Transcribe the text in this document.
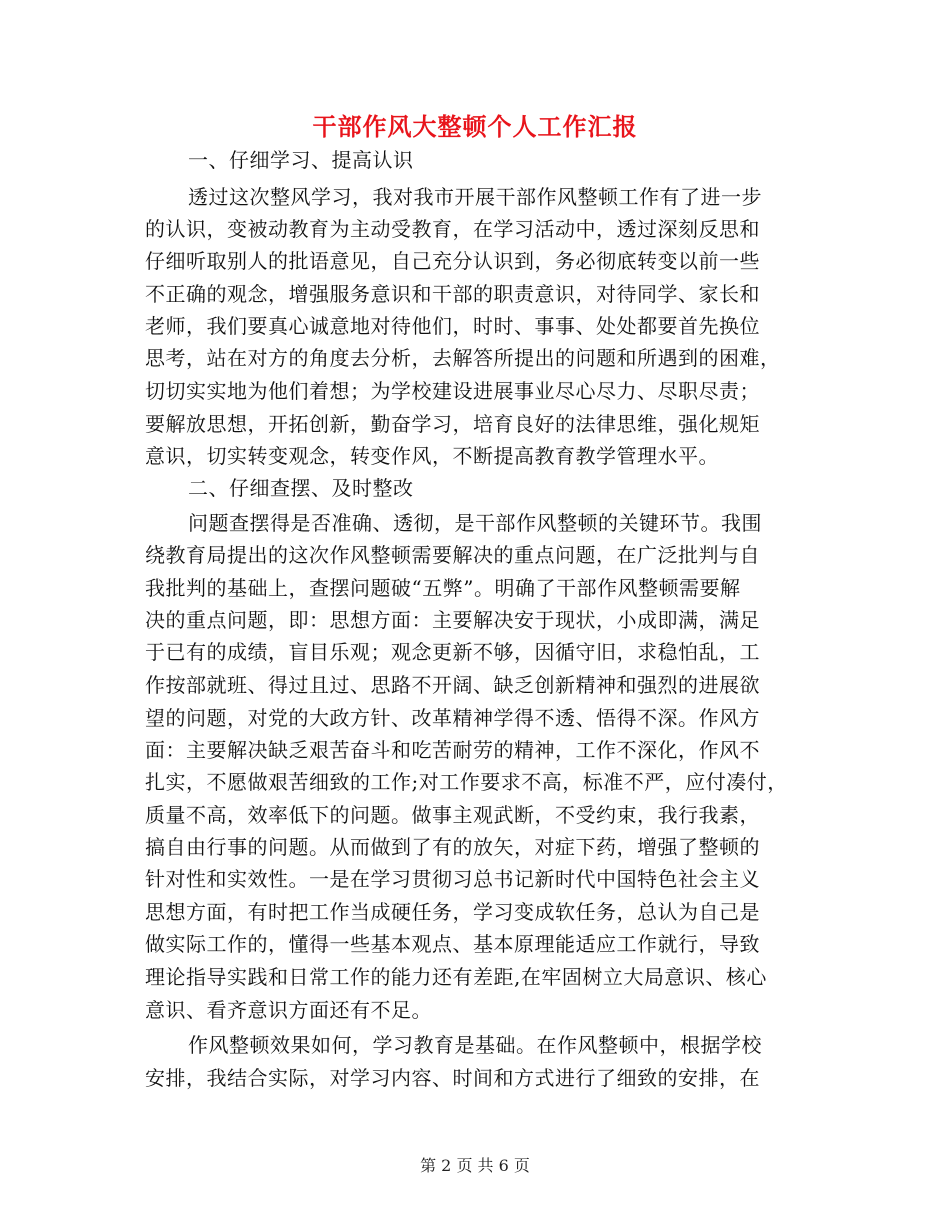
干部作风大整顿个人工作汇报
一、仔细学习、提高认识
透过这次整风学习，我对我市开展干部作风整顿工作有了进一步
的认识，变被动教育为主动受教育，在学习活动中，透过深刻反思和
仔细听取别人的批语意见，自己充分认识到，务必彻底转变以前一些
不正确的观念，增强服务意识和干部的职责意识，对待同学、家长和
老师，我们要真心诚意地对待他们，时时、事事、处处都要首先换位
思考，站在对方的角度去分析，去解答所提出的问题和所遇到的困难，
切切实实地为他们着想；为学校建设进展事业尽心尽力、尽职尽责；
要解放思想，开拓创新，勤奋学习，培育良好的法律思维，强化规矩
意识，切实转变观念，转变作风，不断提高教育教学管理水平。
二、仔细查摆、及时整改
问题查摆得是否准确、透彻，是干部作风整顿的关键环节。我围
绕教育局提出的这次作风整顿需要解决的重点问题，在广泛批判与自
我批判的基础上，查摆问题破“五弊”。明确了干部作风整顿需要解
决的重点问题，即：思想方面：主要解决安于现状，小成即满，满足
于已有的成绩，盲目乐观；观念更新不够，因循守旧，求稳怕乱，工
作按部就班、得过且过、思路不开阔、缺乏创新精神和强烈的进展欲
望的问题，对党的大政方针、改革精神学得不透、悟得不深。作风方
面：主要解决缺乏艰苦奋斗和吃苦耐劳的精神，工作不深化，作风不
扎实，不愿做艰苦细致的工作;对工作要求不高，标准不严，应付凑付，
质量不高，效率低下的问题。做事主观武断，不受约束，我行我素，
搞自由行事的问题。从而做到了有的放矢，对症下药，增强了整顿的
针对性和实效性。一是在学习贯彻习总书记新时代中国特色社会主义
思想方面，有时把工作当成硬任务，学习变成软任务，总认为自己是
做实际工作的，懂得一些基本观点、基本原理能适应工作就行，导致
理论指导实践和日常工作的能力还有差距,在牢固树立大局意识、核心
意识、看齐意识方面还有不足。
作风整顿效果如何，学习教育是基础。在作风整顿中，根据学校
安排，我结合实际，对学习内容、时间和方式进行了细致的安排，在
第 2 页 共 6 页
